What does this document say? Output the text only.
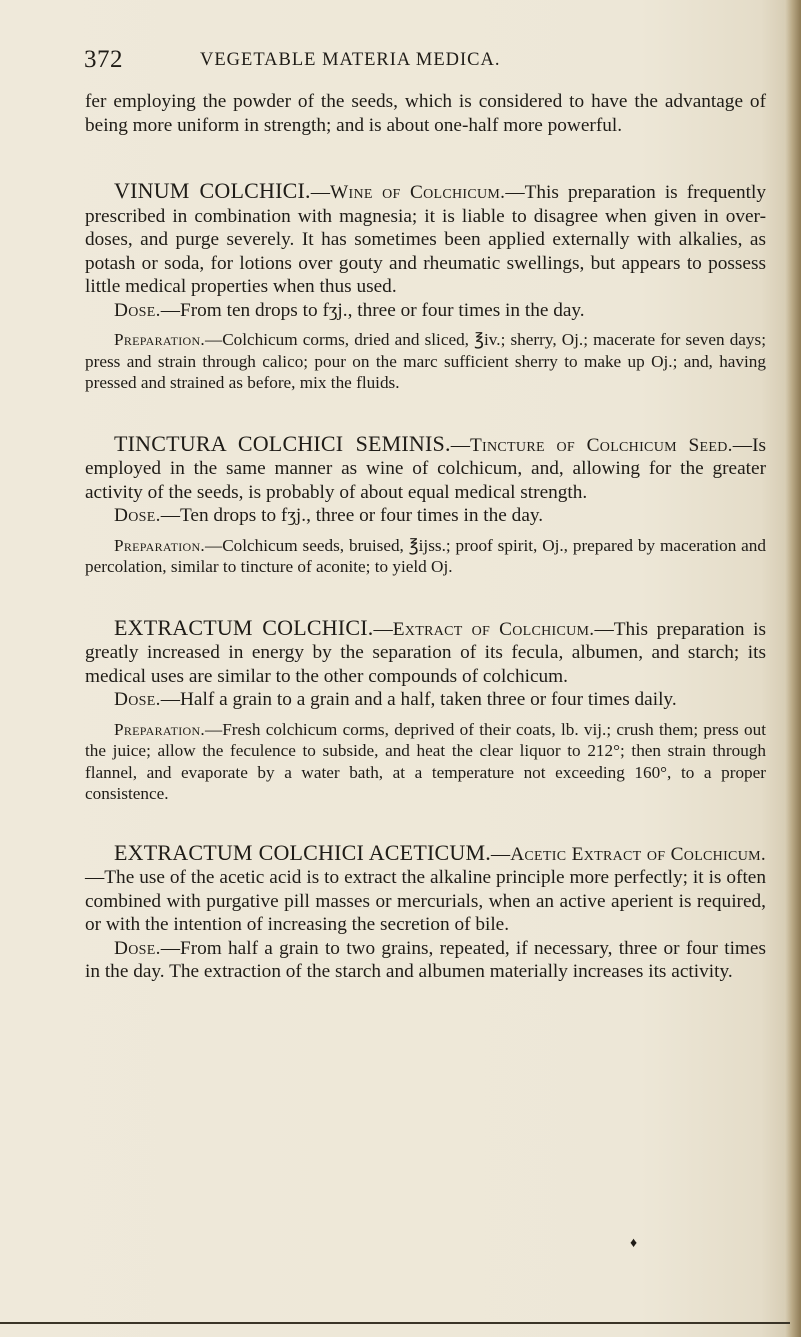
372	VEGETABLE MATERIA MEDICA.

fer employing the powder of the seeds, which is considered to have the advantage of being more uniform in strength; and is about one-half more powerful.

VINUM COLCHICI.—Wine of Colchicum.—This preparation is frequently prescribed in combination with magnesia; it is liable to disagree when given in over-doses, and purge severely. It has sometimes been applied externally with alkalies, as potash or soda, for lotions over gouty and rheumatic swellings, but appears to possess little medical properties when thus used.

Dose.—From ten drops to fʒj., three or four times in the day.

Preparation.—Colchicum corms, dried and sliced, ℥iv.; sherry, Oj.; macerate for seven days; press and strain through calico; pour on the marc sufficient sherry to make up Oj.; and, having pressed and strained as before, mix the fluids.

TINCTURA COLCHICI SEMINIS.—Tincture of Colchicum Seed.—Is employed in the same manner as wine of colchicum, and, allowing for the greater activity of the seeds, is probably of about equal medical strength.

Dose.—Ten drops to fʒj., three or four times in the day.

Preparation.—Colchicum seeds, bruised, ℥ijss.; proof spirit, Oj., prepared by maceration and percolation, similar to tincture of aconite; to yield Oj.

EXTRACTUM COLCHICI.—Extract of Colchicum.—This preparation is greatly increased in energy by the separation of its fecula, albumen, and starch; its medical uses are similar to the other compounds of colchicum.

Dose.—Half a grain to a grain and a half, taken three or four times daily.

Preparation.—Fresh colchicum corms, deprived of their coats, lb. vij.; crush them; press out the juice; allow the feculence to subside, and heat the clear liquor to 212°; then strain through flannel, and evaporate by a water bath, at a temperature not exceeding 160°, to a proper consistence.

EXTRACTUM COLCHICI ACETICUM.—Acetic Extract of Colchicum.—The use of the acetic acid is to extract the alkaline principle more perfectly; it is often combined with purgative pill masses or mercurials, when an active aperient is required, or with the intention of increasing the secretion of bile.

Dose.—From half a grain to two grains, repeated, if necessary, three or four times in the day. The extraction of the starch and albumen materially increases its activity.

♦
